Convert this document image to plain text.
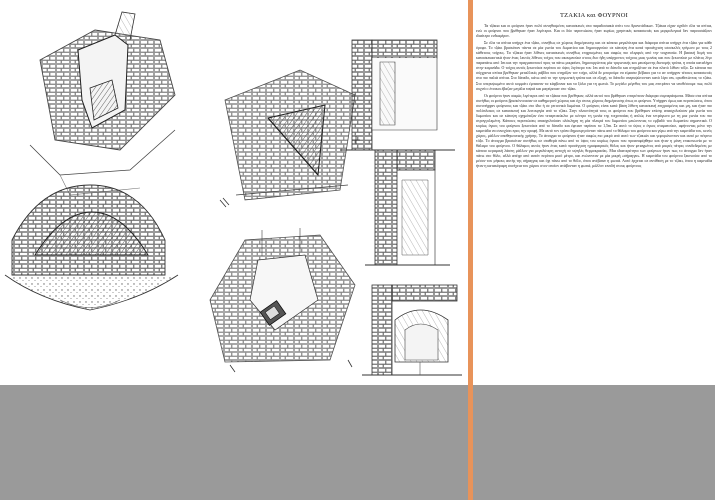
ΤΖΑΚΙΑ και ΦΟΥΡΝΟΙ

Τα τζάκια και οι φούρνοι ήταν πολύ συνηθισμένες κατασκευές στα παραδοσιακά σπίτι του Αρανιτάδικων. Τζάκια είχαν σχεδόν όλα τα σπίτια, ενώ οι φούρνοι που βρέθηκαν ήταν λιγότεροι. Και οι δύο περιπτώσεις ήταν κυρίως χρηστικές κατασκευές και μορφολογικά δεν παρουσιάζουν ιδιαίτερο ενδιαφέρον.

Σε όλα τα σπίτια υπήρχε ένα τζάκι, συνήθως σε χώρους διημέρευσης και σε κάποια μεγαλύτερα και διάφορα σπίτια υπήρχε ένα τζάκι για κάθε όροφο. Το τζάκι βρισκόταν πάντα σε μία γωνία του δωματίου και δημιουργούσε σε κάτοψη ένα κατά προσέγγιση ισοσκελές τρίγωνο με τους 2 κάθετους τοίχους. Τα τζάκια ήταν λίθινες κατασκευές συνήθως επιχρισμένες και σαφώς πιο ολιγαρές από την τοιχοποιία. Η βασική δομή του κατασκευαστικά ήταν ένας λευτός λίθινος τοίχος που ακουμπούσε στους δυο ήδη υπάρχοντες τοίχους μιας γωνίας και που ξεκινούσε με πλάτος λίγο παραπάνω από 1m και την πραγματοποιεί προς τα πάνω μικραίνει, δημιουργώντας μία τριγωνικής και μειούμενης διατομής τρύπα, η οποία καταλήγει στην καμινάδα. Ο τοίχος αυτός ξεκινούσε περίπου σε ύψος λιγότερο του 1m από το δάπεδο και στηριζόταν σε ένα πλατύ λίθινο τόξο. Σε κάποια πιο σύγχρονα σπίτια βρέθηκαν μεταλλικές ράβδοι που στηρίζαν τον τοίχο, αλλά δε μπορούμε να είμαστε βέβαιοι για το αν υπήρχαν τέτοιες κατασκευές στα πιο παλιά σπίτια. Στο δάπεδο, κάτω από το την τριγωνική τρύπα και σε εξοχή, το δάπεδο υπερυψώνονταν κατά λίγα cm, οριοθετώντας το τζάκι. Στο υπερυψωμένο αυτό κομμάτι έμπαιναν τα κάρβουνα και τα ξύλα για τη φωτιά. Το μεγάλο μέγεθος του μας επιτρέπει να υποθέσουμε πως πολύ συχνά ο ένοικοι έβαζαν μεγάλα ταψιά και μαγείρευαν στο τζάκι.

Οι φούρνοι ήταν σαφώς λιγότεροι από τα τζάκια που βρέθηκαν, αλλά αυτοί που βρέθηκαν επιτρέπουν διάφορα συμπεράσματα. Μέσα στα σπίτια συνήθως οι φούρνοι βρισκόντουσαν σε καθημερινό χώρους και όχι στους χώρους διημέρευσης όπως οι φούρνοι. Υπήρχαν όμως και περιπτώσεις, όπου συνυπήρχαν φούρνους και τζάκι στο ίδιο ή σε γειτονικά δωμάτια. Ο φούρνος είναι κατά βάση λίθινη κατασκευή επιχρισμένος και μη, και ήταν πιο πολύπλοκος σε κατασκευή και λειτουργία από το τζάκι. Στην πλειονότητά τους οι φούρνοι που βρέθηκαν επίσης απασχολούσαν μία γωνία του δωματίου και σε κάτοψη σχημάτιζαν ένα τεταρτοκύκλιο με κέντρο τη γωνία της τοιχοποιίας ή απλώς ένα τετράγωνο με τη μια γωνία του πιο στρογγυλεμένη. Κάποιες περιπτώσεις απασχολούσαν ολόκληρη τη μία πλευρά του δωματίου μειώνοντας το εμβαδό του δωματίου σημαντικά. Ο κυρίως όγκος του φούρνου ξεκινούσε από το δάπεδο και έφτανε περίπου τα 1,5m. Σε αυτό το ύψος ο όγκος σταματούσε, αφήνοντας μόνο την καμινάδα να συνεχίσει προς την οροφή. Με αυτό τον τρόπο δημιουργούνταν πάνω από το θάλαμο του φούρνου και γύρω από την καμινάδα του, κενός χώρος, μάλλον αποθηκευτικής χρήσης. Το άνοιγμα το φούρνου ήταν σαφώς πιο μικρό από αυτό των τζακιών και γεφυρώνονταν και αυτό με πέτρινο τόξο. Το άνοιγμα βρισκόταν συνήθως σε σταθερά πάνω από το ύψος του κυρίως όγκου που προαναφέρθηκε και ήταν η μόνη επικοινωνία με το θάλαμο του φούρνου. Ο θάλαμος αυτός ήταν ένας κατά προσέγγιση ημισφαιρικός θόλος και ήταν φτιαγμένος από μικρές πέτρες συνδεδεμένες με κάποιο κεραμική λάσπη μάλλον για μεγαλύτερη αντοχή σε υψηλές θερμοκρασίες. Μια ιδιαιτερότητα των φούρνων ήταν πως το άνοιγμα δεν ήταν πάνω στο θόλο, αλλά απέιχε από αυτόν περίπου μισό μέτρο, και ενώνονταν με μία μικρή «σήραγγα». Η καμινάδα του φούρνου ξεκινούσε από το μέσον του μήκους αυτής της σήραγγας και όχι πάνω από το θόλο, όπου ανέβαινε η φωτιά. Αυτό έρχεται σε αντίθεση με το τζάκι, όπου η καμινάδα ήταν η κατακόρυφη συνέχεια του χώρου στον οποίον ανάβονταν η φωτιά, μάλλον επειδή στους φούρνους
